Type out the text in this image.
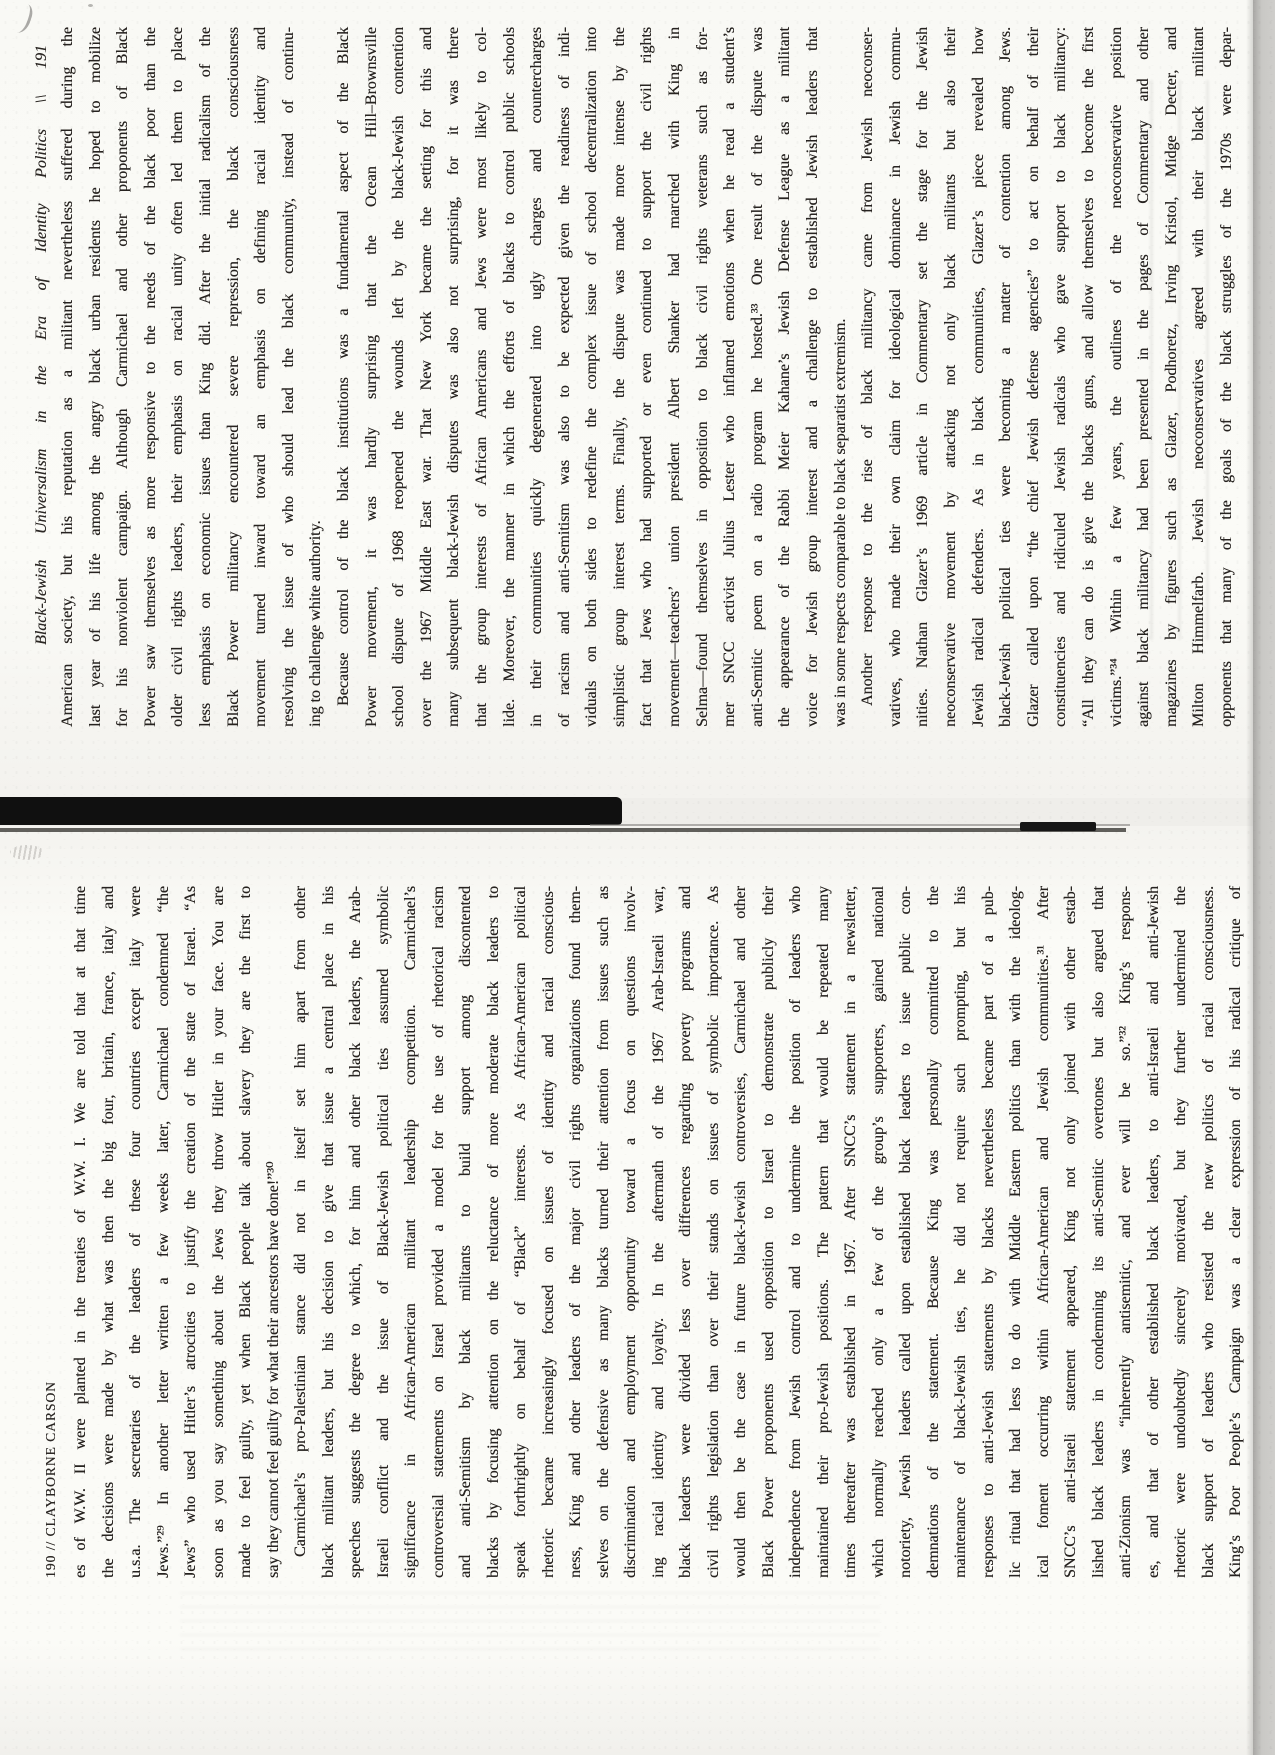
Black-Jewish Universalism in the Era of Identity Politics \\ 191 American society, but his reputation as a militant nevertheless suffered during the last year of his life among the angry black urban residents he hoped to mobilize for his nonviolent campaign. Although Carmichael and other proponents of Black Power saw themselves as more responsive to the needs of the black poor than the older civil rights leaders, their emphasis on racial unity often led them to place less emphasis on economic issues than King did. After the initial radicalism of the Black Power militancy encountered severe repression, the black consciousness movement turned inward toward an emphasis on defining racial identity and resolving the issue of who should lead the black community, instead of continu- ing to challenge white authority. Because control of the black institutions was a fundamental aspect of the Black Power movement, it was hardly surprising that the Ocean Hill–Brownsville school dispute of 1968 reopened the wounds left by the black-Jewish contention over the 1967 Middle East war. That New York became the setting for this and many subsequent black-Jewish disputes was also not surprising, for it was there that the group interests of African Americans and Jews were most likely to col- lide. Moreover, the manner in which the efforts of blacks to control public schools in their communities quickly degenerated into ugly charges and countercharges of racism and anti-Semitism was also to be expected given the readiness of indi- viduals on both sides to redefine the complex issue of school decentralization into simplistic group interest terms. Finally, the dispute was made more intense by the fact that Jews who had supported or even continued to support the civil rights movement—teachers’ union president Albert Shanker had marched with King in Selma—found themselves in opposition to black civil rights veterans such as for- mer SNCC activist Julius Lester who inflamed emotions when he read a student’s anti-Semitic poem on a radio program he hosted.³³ One result of the dispute was the appearance of the Rabbi Meier Kahane’s Jewish Defense League as a militant voice for Jewish group interest and a challenge to established Jewish leaders that was in some respects comparable to black separatist extremism. Another response to the rise of black militancy came from Jewish neoconser- vatives, who made their own claim for ideological dominance in Jewish commu- nities. Nathan Glazer’s 1969 article in Commentary set the stage for the Jewish neoconservative movement by attacking not only black militants but also their Jewish radical defenders. As in black communities, Glazer’s piece revealed how black-Jewish political ties were becoming a matter of contention among Jews. Glazer called upon “the chief Jewish defense agencies” to act on behalf of their constituencies and ridiculed Jewish radicals who gave support to black militancy: “All they can do is give the blacks guns, and allow themselves to become the first victims.”³⁴ Within a few years, the outlines of the neoconservative position against black militancy had been presented in the pages of Commentary and other magazines by figures such as Glazer, Podhoretz, Irving Kristol, Midge Decter, and Milton Himmelfarb. Jewish neoconservatives agreed with their black militant opponents that many of the goals of the black struggles of the 1970s were depar-
190 // CLAYBORNE CARSON es of W.W. II were planted in the treaties of W.W. I. We are told that at that time the decisions were made by what was then the big four, britain, france, italy and u.s.a. The secretaries of the leaders of these four countries except italy were Jews.”²⁹ In another letter written a few weeks later, Carmichael condemned “the Jews” who used Hitler’s atrocities to justify the creation of the state of Israel. “As soon as you say something about the Jews they throw Hitler in your face. You are made to feel guilty, yet when Black people talk about slavery they are the first to say they cannot feel guilty for what their ancestors have done!”³⁰ Carmichael’s pro-Palestinian stance did not in itself set him apart from other black militant leaders, but his decision to give that issue a central place in his speeches suggests the degree to which, for him and other black leaders, the Arab- Israeli conflict and the issue of Black-Jewish political ties assumed symbolic significance in African-American militant leadership competition. Carmichael’s controversial statements on Israel provided a model for the use of rhetorical racism and anti-Semitism by black militants to build support among discontented blacks by focusing attention on the reluctance of more moderate black leaders to speak forthrightly on behalf of “Black” interests. As African-American political rhetoric became increasingly focused on issues of identity and racial conscious- ness, King and other leaders of the major civil rights organizations found them- selves on the defensive as many blacks turned their attention from issues such as discrimination and employment opportunity toward a focus on questions involv- ing racial identity and loyalty. In the aftermath of the 1967 Arab-Israeli war, black leaders were divided less over differences regarding poverty programs and civil rights legislation than over their stands on issues of symbolic importance. As would then be the case in future black-Jewish controversies, Carmichael and other Black Power proponents used opposition to Israel to demonstrate publicly their independence from Jewish control and to undermine the position of leaders who maintained their pro-Jewish positions. The pattern that would be repeated many times thereafter was established in 1967. After SNCC’s statement in a newsletter, which normally reached only a few of the group’s supporters, gained national notoriety, Jewish leaders called upon established black leaders to issue public con- demnations of the statement. Because King was personally committed to the maintenance of black-Jewish ties, he did not require such prompting, but his responses to anti-Jewish statements by blacks nevertheless became part of a pub- lic ritual that had less to do with Middle Eastern politics than with the ideolog- ical foment occurring within African-American and Jewish communities.³¹ After SNCC’s anti-Israeli statement appeared, King not only joined with other estab- lished black leaders in condemning its anti-Semitic overtones but also argued that anti-Zionism was “inherently antisemitic, and ever will be so.”³² King’s respons- es, and that of other established black leaders, to anti-Israeli and anti-Jewish rhetoric were undoubtedly sincerely motivated, but they further undermined the black support of leaders who resisted the new politics of racial consciousness. King’s Poor People’s Campaign was a clear expression of his radical critique of
